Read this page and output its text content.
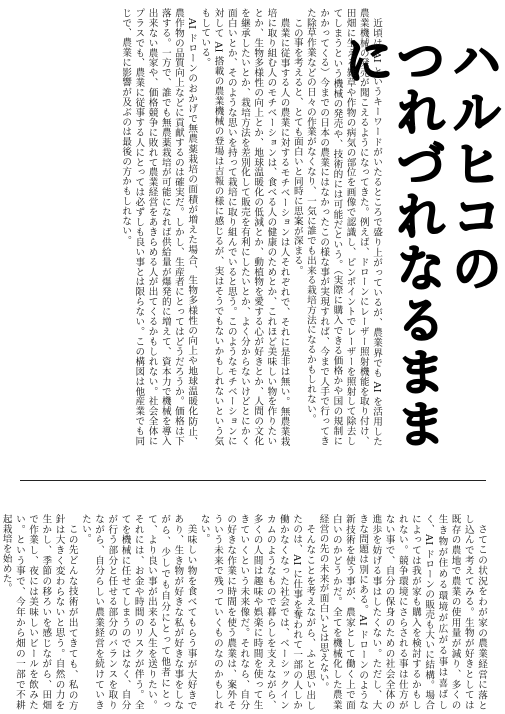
ハルヒコの
つれづれなるままに

近頃は AI というキーワードがいたるところで盛り上がっているが、農業界でも AI を活用した農業機械の発売が聞こえるようになってきた。例えば、ドローンにレーザー照射機能を取り付け、田畑に生える雑草や作物の病気の部位を画像で認識し、ピンポイントでレーザーを照射して除去してしまうという機械の発売や、技術的には可能だという。（実際に購入できる価格かや国の規制にかかってくる）今までの日本の農業にはなかったこの様な事が実現すれば、今まで人手で行ってきた除草作業などの日々の作業がなくなり、一気に誰でも出来る栽培方法になるかもしれない。

この事を考えると、とても面白いと同時に思案が深まる。

農業に従事する人の農業に対するモチベーションは人それぞれで、それに是非は無い。無農業栽培に取り組む人のモチベーションは、食べる人の健康のためとか、これほど美味しい物を作りたいとか、生物多様性の向上とか、地球温暖化の低減とか、動植物を愛する心が好きとか、人間の文化を継承したいとか、栽培方法を差別化して販売を有利にしたいとか、よく分からないけどとにかく面白いとか、そのような思いを持って栽培に取り組んでいると思う。このようなモチベーションに対して AI 搭載の農業機械の登場は吉報の様に感じるが、実はそうでもないかもしれないという気もしている。

AI ドローンのおかげで無農薬栽培の面積が増えた場合、生物多様性の向上や地球温暖化防止、農作物の品質向上などに貢献するのは確実だ。しかし、生産者にとってはどうだろうか。価格は下落する。一方で、誰でも無農薬栽培が可能になれば供給量が爆発的に増えて、資本力で機械を導入出来ない農家や、価格競争に敗れて農業経営をあきらめる人が出てくるかもしれない。社会全体にプラスでも、農業に従事する人にとっては必ずしも良い事とは限らない。この構図は他産業でも同じで、農業に影響が及ぶのは最後の方かもしれない。

さてこの状況をわが家の農業経営に落とし込んで考えてみる。生物が好きとしては既存の農地で農業の使用量が減り、多くの生き物が住める環境が広がる事は喜ばしく、AI ドローンの販売も大いに結構。場合によっては我が家も購入を検討するかもしれない。競争環境にさらされる事は仕方がない事で、自分の保身のための社会全体の進歩を妨げる事はしたくない。ただし、大きな問題は別にある。AI ドローンのような新技術を使う事が、農家として働く上で面白いのかどうかだ。全てを機械化した農業経営の先の未来が面白いとは思えない。

そんなことを考えながら、ふと思い出したのは、AI に仕事を奪われて一部の人しか働かなくなった社会では、ベーシックインカムのようなもので暮らしを支えながら、多くの人間は趣味や娯楽に時間を使って生きていくという未来像だ。それなら、自分の好きな作業に時間を使う農業は、案外そういう未来で残っていくものなのかもしれない。

美味しい物を食べてもらう事が大好きであり、生き物が好きな私が好きな事をしながら、少しでも自分にとって他者にとって、より良い事が出来る人生を送りたい。それには、お金や時間のリスクが伴う。全てを機械に任せてしまうのではなく、自分が行う部分と任せる部分のバランスを取りながら、自分らしい農業経営を続けていきたい。

この先どんな技術が出てきても、私の方針は大きく変わらないと思う。自然の力を生かし、季節の移ろいを感じながら、田畑で作業し、夜には美味しいビールを飲みたい。という事で、今年から畑の一部で不耕起栽培を始めた。
